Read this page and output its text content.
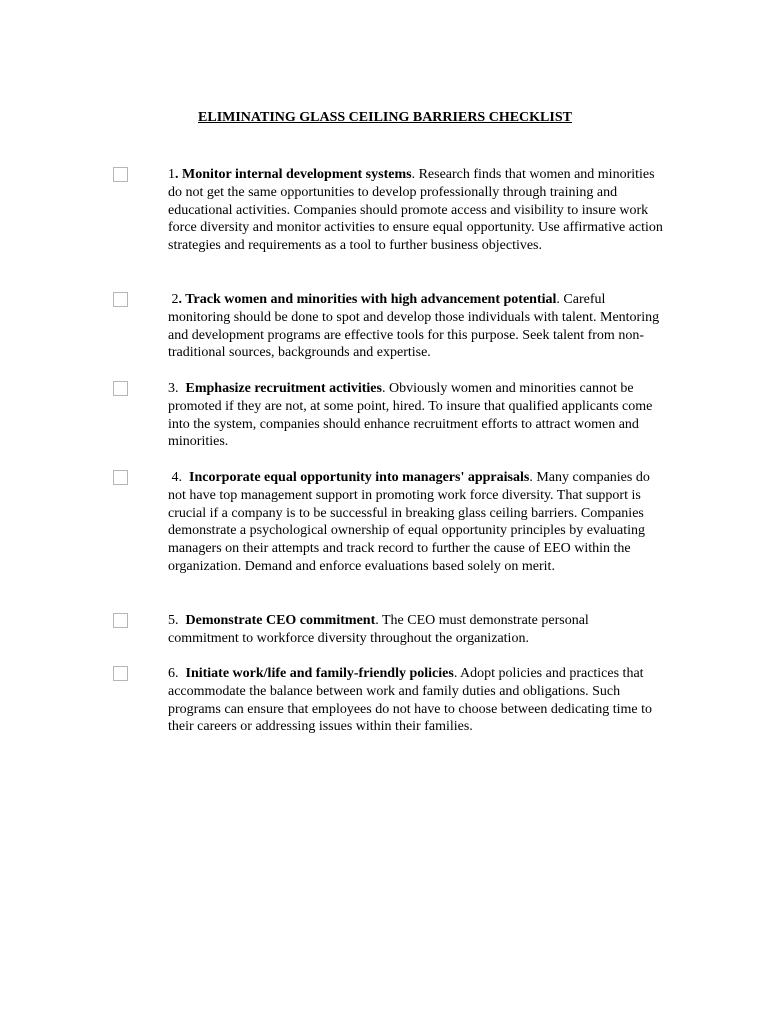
ELIMINATING GLASS CEILING BARRIERS CHECKLIST

1. Monitor internal development systems. Research finds that women and minorities do not get the same opportunities to develop professionally through training and educational activities. Companies should promote access and visibility to insure work force diversity and monitor activities to ensure equal opportunity. Use affirmative action strategies and requirements as a tool to further business objectives.

2. Track women and minorities with high advancement potential. Careful monitoring should be done to spot and develop those individuals with talent. Mentoring and development programs are effective tools for this purpose. Seek talent from non-traditional sources, backgrounds and expertise.

3. Emphasize recruitment activities. Obviously women and minorities cannot be promoted if they are not, at some point, hired. To insure that qualified applicants come into the system, companies should enhance recruitment efforts to attract women and minorities.

4. Incorporate equal opportunity into managers' appraisals. Many companies do not have top management support in promoting work force diversity. That support is crucial if a company is to be successful in breaking glass ceiling barriers. Companies demonstrate a psychological ownership of equal opportunity principles by evaluating managers on their attempts and track record to further the cause of EEO within the organization. Demand and enforce evaluations based solely on merit.

5. Demonstrate CEO commitment. The CEO must demonstrate personal commitment to workforce diversity throughout the organization.

6. Initiate work/life and family-friendly policies. Adopt policies and practices that accommodate the balance between work and family duties and obligations. Such programs can ensure that employees do not have to choose between dedicating time to their careers or addressing issues within their families.
